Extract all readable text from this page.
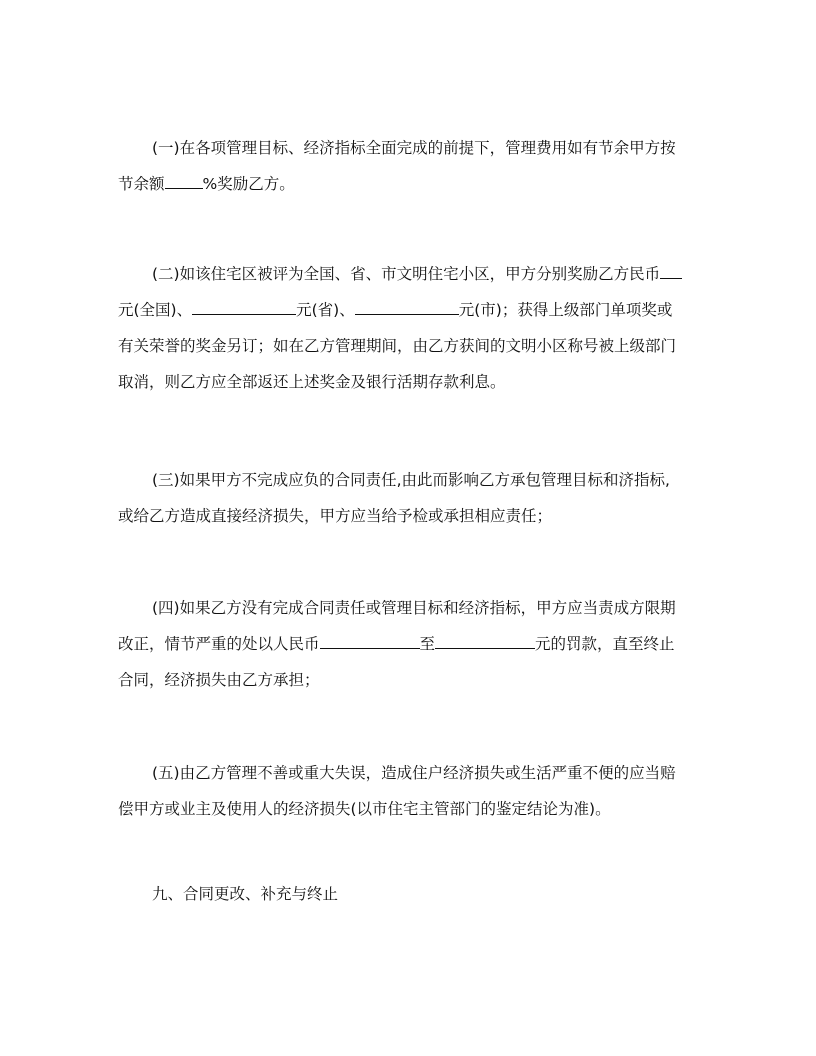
(一)在各项管理目标、经济指标全面完成的前提下，管理费用如有节余甲方按
节余额 %奖励乙方。
(二)如该住宅区被评为全国、省、市文明住宅小区，甲方分别奖励乙方民币
元(全国)、	元(省)、	元(市)；获得上级部门单项奖或
有关荣誉的奖金另订；如在乙方管理期间，由乙方获间的文明小区称号被上级部门
取消，则乙方应全部返还上述奖金及银行活期存款利息。
(三)如果甲方不完成应负的合同责任,由此而影响乙方承包管理目标和济指标,
或给乙方造成直接经济损失，甲方应当给予检或承担相应责任；
(四)如果乙方没有完成合同责任或管理目标和经济指标，甲方应当责成方限期
改正，情节严重的处以人民币	至	元的罚款，直至终止
合同，经济损失由乙方承担；
(五)由乙方管理不善或重大失误，造成住户经济损失或生活严重不便的应当赔
偿甲方或业主及使用人的经济损失(以市住宅主管部门的鉴定结论为准)。
九、合同更改、补充与终止
